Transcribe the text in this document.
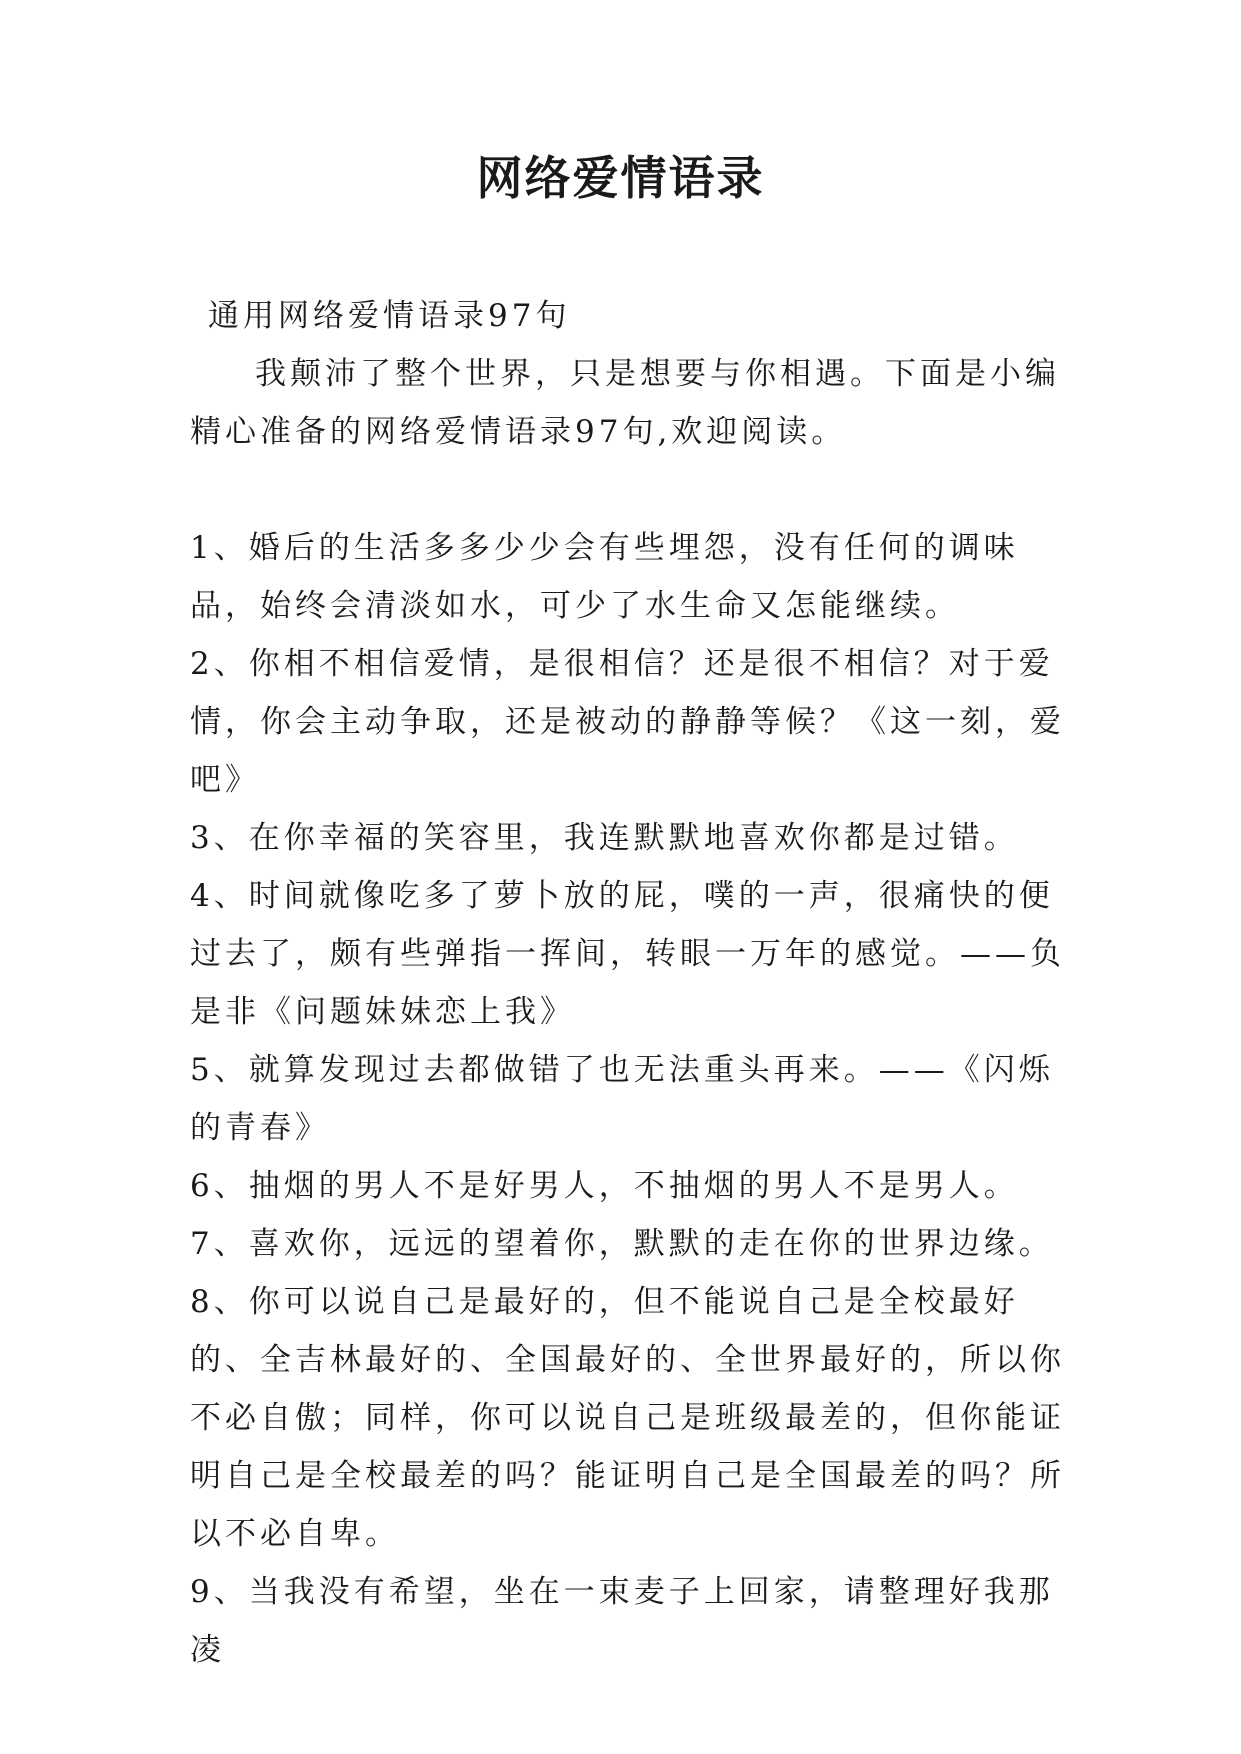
网络爱情语录

通用网络爱情语录97句

我颠沛了整个世界，只是想要与你相遇。下面是小编精心准备的网络爱情语录97句,欢迎阅读。

1、婚后的生活多多少少会有些埋怨，没有任何的调味品，始终会清淡如水，可少了水生命又怎能继续。
2、你相不相信爱情，是很相信？还是很不相信？对于爱情，你会主动争取，还是被动的静静等候？《这一刻，爱吧》
3、在你幸福的笑容里，我连默默地喜欢你都是过错。
4、时间就像吃多了萝卜放的屁，噗的一声，很痛快的便过去了，颇有些弹指一挥间，转眼一万年的感觉。——负是非《问题妹妹恋上我》
5、就算发现过去都做错了也无法重头再来。——《闪烁的青春》
6、抽烟的男人不是好男人，不抽烟的男人不是男人。
7、喜欢你，远远的望着你，默默的走在你的世界边缘。
8、你可以说自己是最好的，但不能说自己是全校最好的、全吉林最好的、全国最好的、全世界最好的，所以你不必自傲；同样，你可以说自己是班级最差的，但你能证明自己是全校最差的吗？能证明自己是全国最差的吗？所以不必自卑。
9、当我没有希望，坐在一束麦子上回家，请整理好我那凌
